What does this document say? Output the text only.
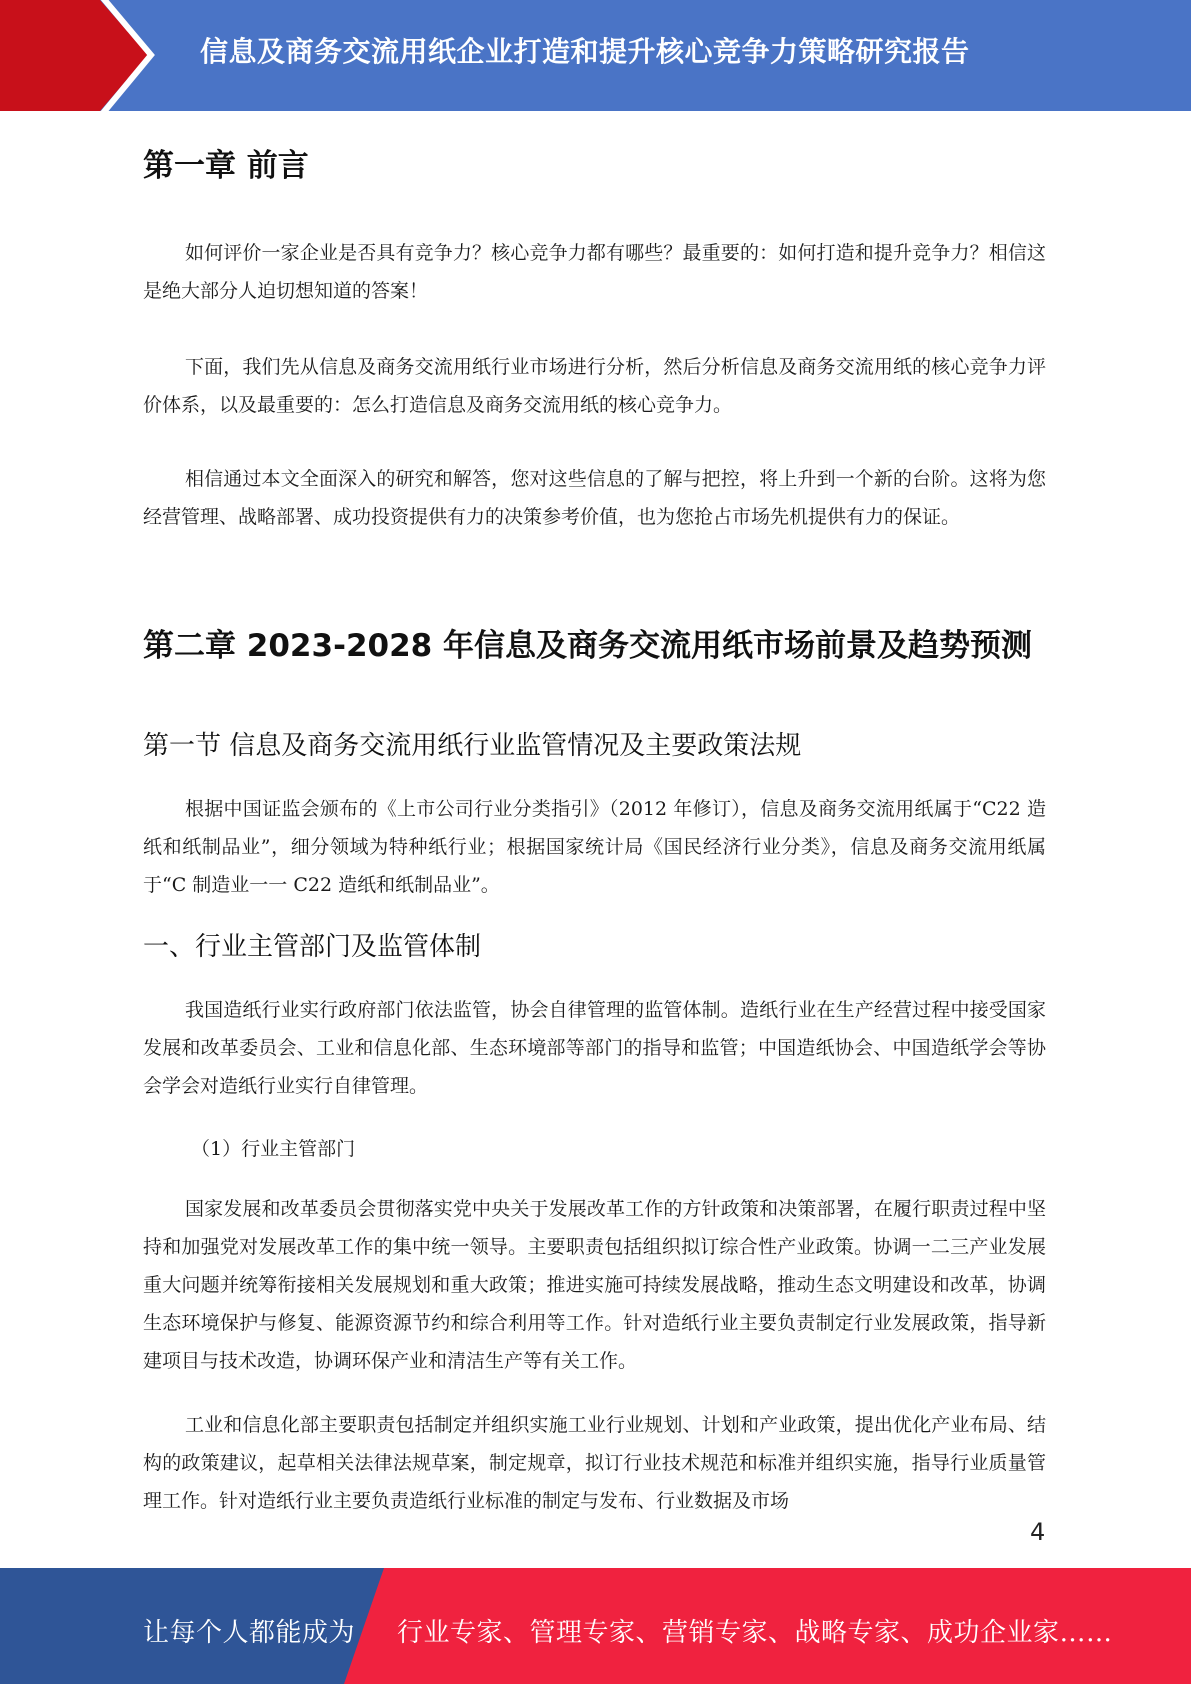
信息及商务交流用纸企业打造和提升核心竞争力策略研究报告
第一章 前言

如何评价一家企业是否具有竞争力？核心竞争力都有哪些？最重要的：如何打造和提升竞争力？相信这是绝大部分人迫切想知道的答案！

下面，我们先从信息及商务交流用纸行业市场进行分析，然后分析信息及商务交流用纸的核心竞争力评价体系，以及最重要的：怎么打造信息及商务交流用纸的核心竞争力。

相信通过本文全面深入的研究和解答，您对这些信息的了解与把控，将上升到一个新的台阶。这将为您经营管理、战略部署、成功投资提供有力的决策参考价值，也为您抢占市场先机提供有力的保证。

第二章 2023-2028 年信息及商务交流用纸市场前景及趋势预测
第一节 信息及商务交流用纸行业监管情况及主要政策法规

根据中国证监会颁布的《上市公司行业分类指引》（2012 年修订），信息及商务交流用纸属于“C22 造纸和纸制品业”，细分领域为特种纸行业；根据国家统计局《国民经济行业分类》，信息及商务交流用纸属于“C 制造业一一 C22 造纸和纸制品业”。

一、行业主管部门及监管体制

我国造纸行业实行政府部门依法监管，协会自律管理的监管体制。造纸行业在生产经营过程中接受国家发展和改革委员会、工业和信息化部、生态环境部等部门的指导和监管；中国造纸协会、中国造纸学会等协会学会对造纸行业实行自律管理。

（1）行业主管部门

国家发展和改革委员会贯彻落实党中央关于发展改革工作的方针政策和决策部署，在履行职责过程中坚持和加强党对发展改革工作的集中统一领导。主要职责包括组织拟订综合性产业政策。协调一二三产业发展重大问题并统筹衔接相关发展规划和重大政策；推进实施可持续发展战略，推动生态文明建设和改革，协调生态环境保护与修复、能源资源节约和综合利用等工作。针对造纸行业主要负责制定行业发展政策，指导新建项目与技术改造，协调环保产业和清洁生产等有关工作。

工业和信息化部主要职责包括制定并组织实施工业行业规划、计划和产业政策，提出优化产业布局、结构的政策建议，起草相关法律法规草案，制定规章，拟订行业技术规范和标准并组织实施，指导行业质量管理工作。针对造纸行业主要负责造纸行业标准的制定与发布、行业数据及市场

4
让每个人都能成为 行业专家、管理专家、营销专家、战略专家、成功企业家……
